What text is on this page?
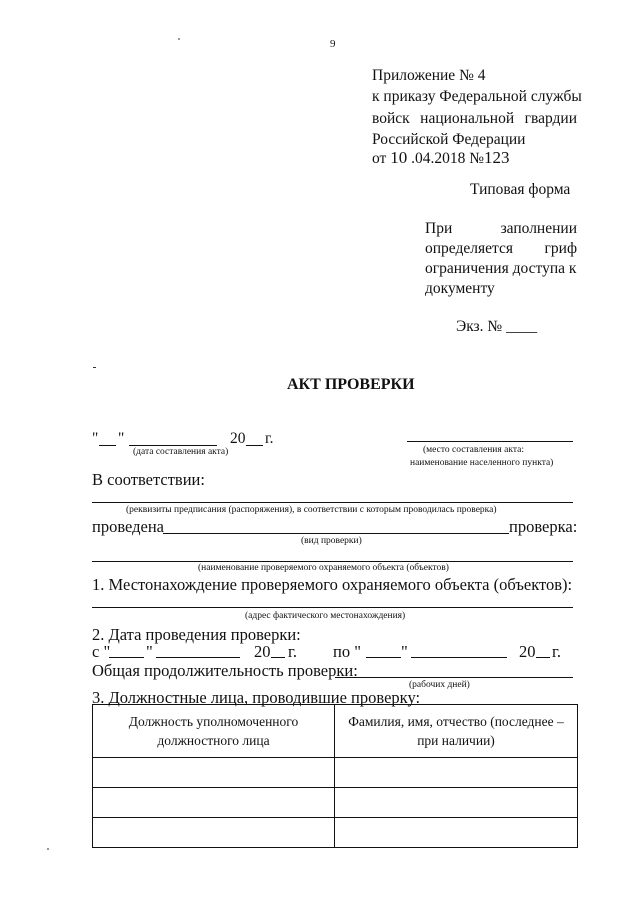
9
Приложение № 4
к приказу Федеральной службы
войск национальной гвардии
Российской Федерации
от 10 .04.2018 №123
Типовая форма
При	заполнении
определяется гриф
ограничения доступа к
документу
Экз. № ____
АКТ ПРОВЕРКИ
" "	20 г.
(дата составления акта)	(место составления акта:
наименование населенного пункта)
В соответствии:
(реквизиты предписания (распоряжения), в соответствии с которым проводилась проверка)
проведена	проверка:
(вид проверки)
(наименование проверяемого охраняемого объекта (объектов)
1. Местонахождение проверяемого охраняемого объекта (объектов):
(адрес фактического местонахождения)
2. Дата проведения проверки:
с " "	20 г. по " "	20 г.
Общая продолжительность проверки:
(рабочих дней)
3. Должностные лица, проводившие проверку:
Должность уполномоченного должностного лица	Фамилия, имя, отчество (последнее – при наличии)
